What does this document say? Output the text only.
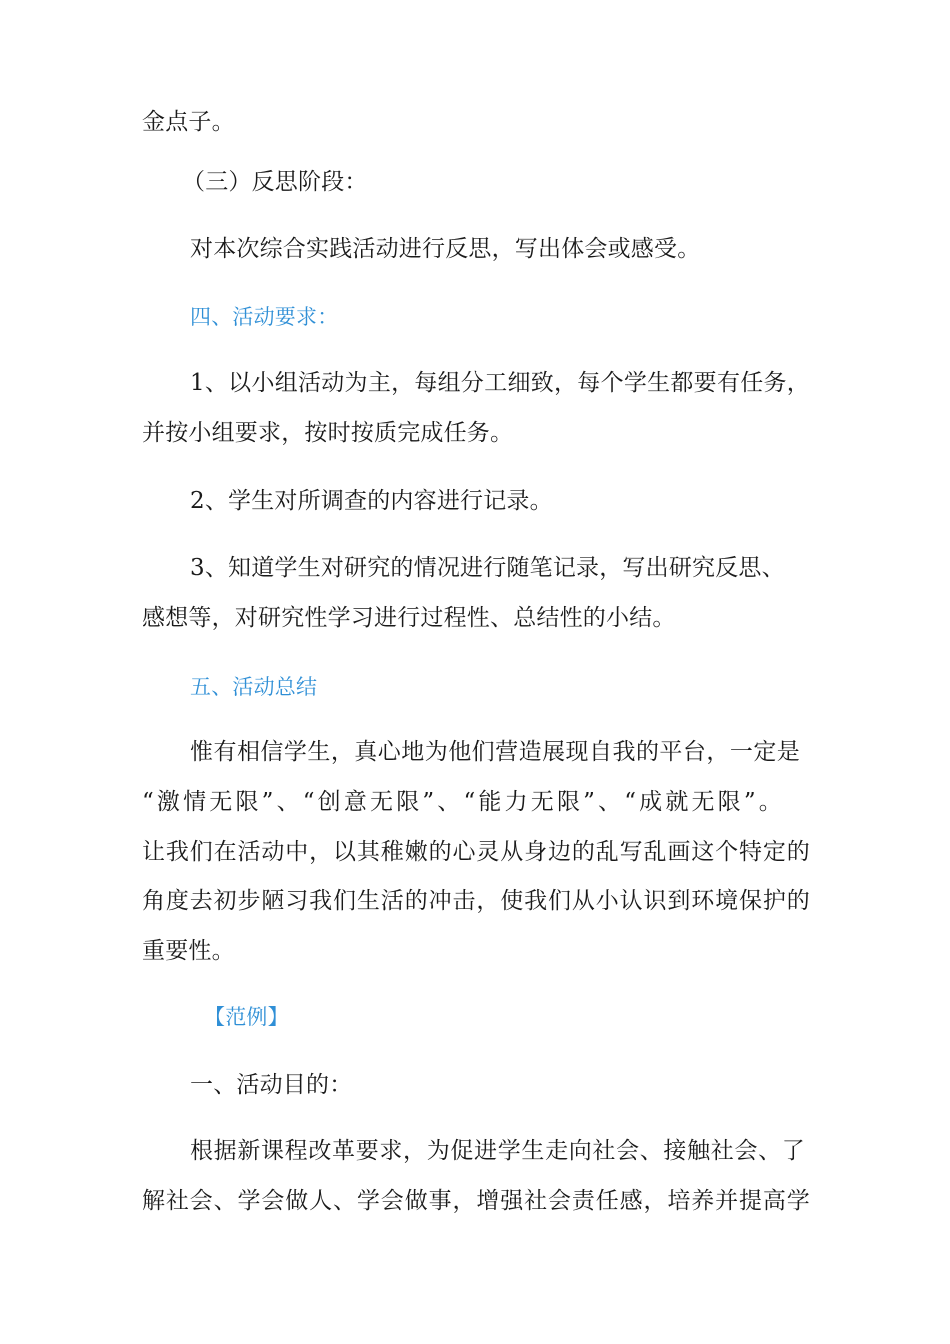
金点子。
（三）反思阶段：
对本次综合实践活动进行反思，写出体会或感受。
四、活动要求：
1、以小组活动为主，每组分工细致，每个学生都要有任务，
并按小组要求，按时按质完成任务。
2、学生对所调查的内容进行记录。
3、知道学生对研究的情况进行随笔记录，写出研究反思、
感想等，对研究性学习进行过程性、总结性的小结。
五、活动总结
惟有相信学生，真心地为他们营造展现自我的平台，一定是
“激情无限”、“创意无限”、“能力无限”、“成就无限”。
让我们在活动中，以其稚嫩的心灵从身边的乱写乱画这个特定的
角度去初步陋习我们生活的冲击，使我们从小认识到环境保护的
重要性。
【范例】
一、活动目的：
根据新课程改革要求，为促进学生走向社会、接触社会、了
解社会、学会做人、学会做事，增强社会责任感，培养并提高学
